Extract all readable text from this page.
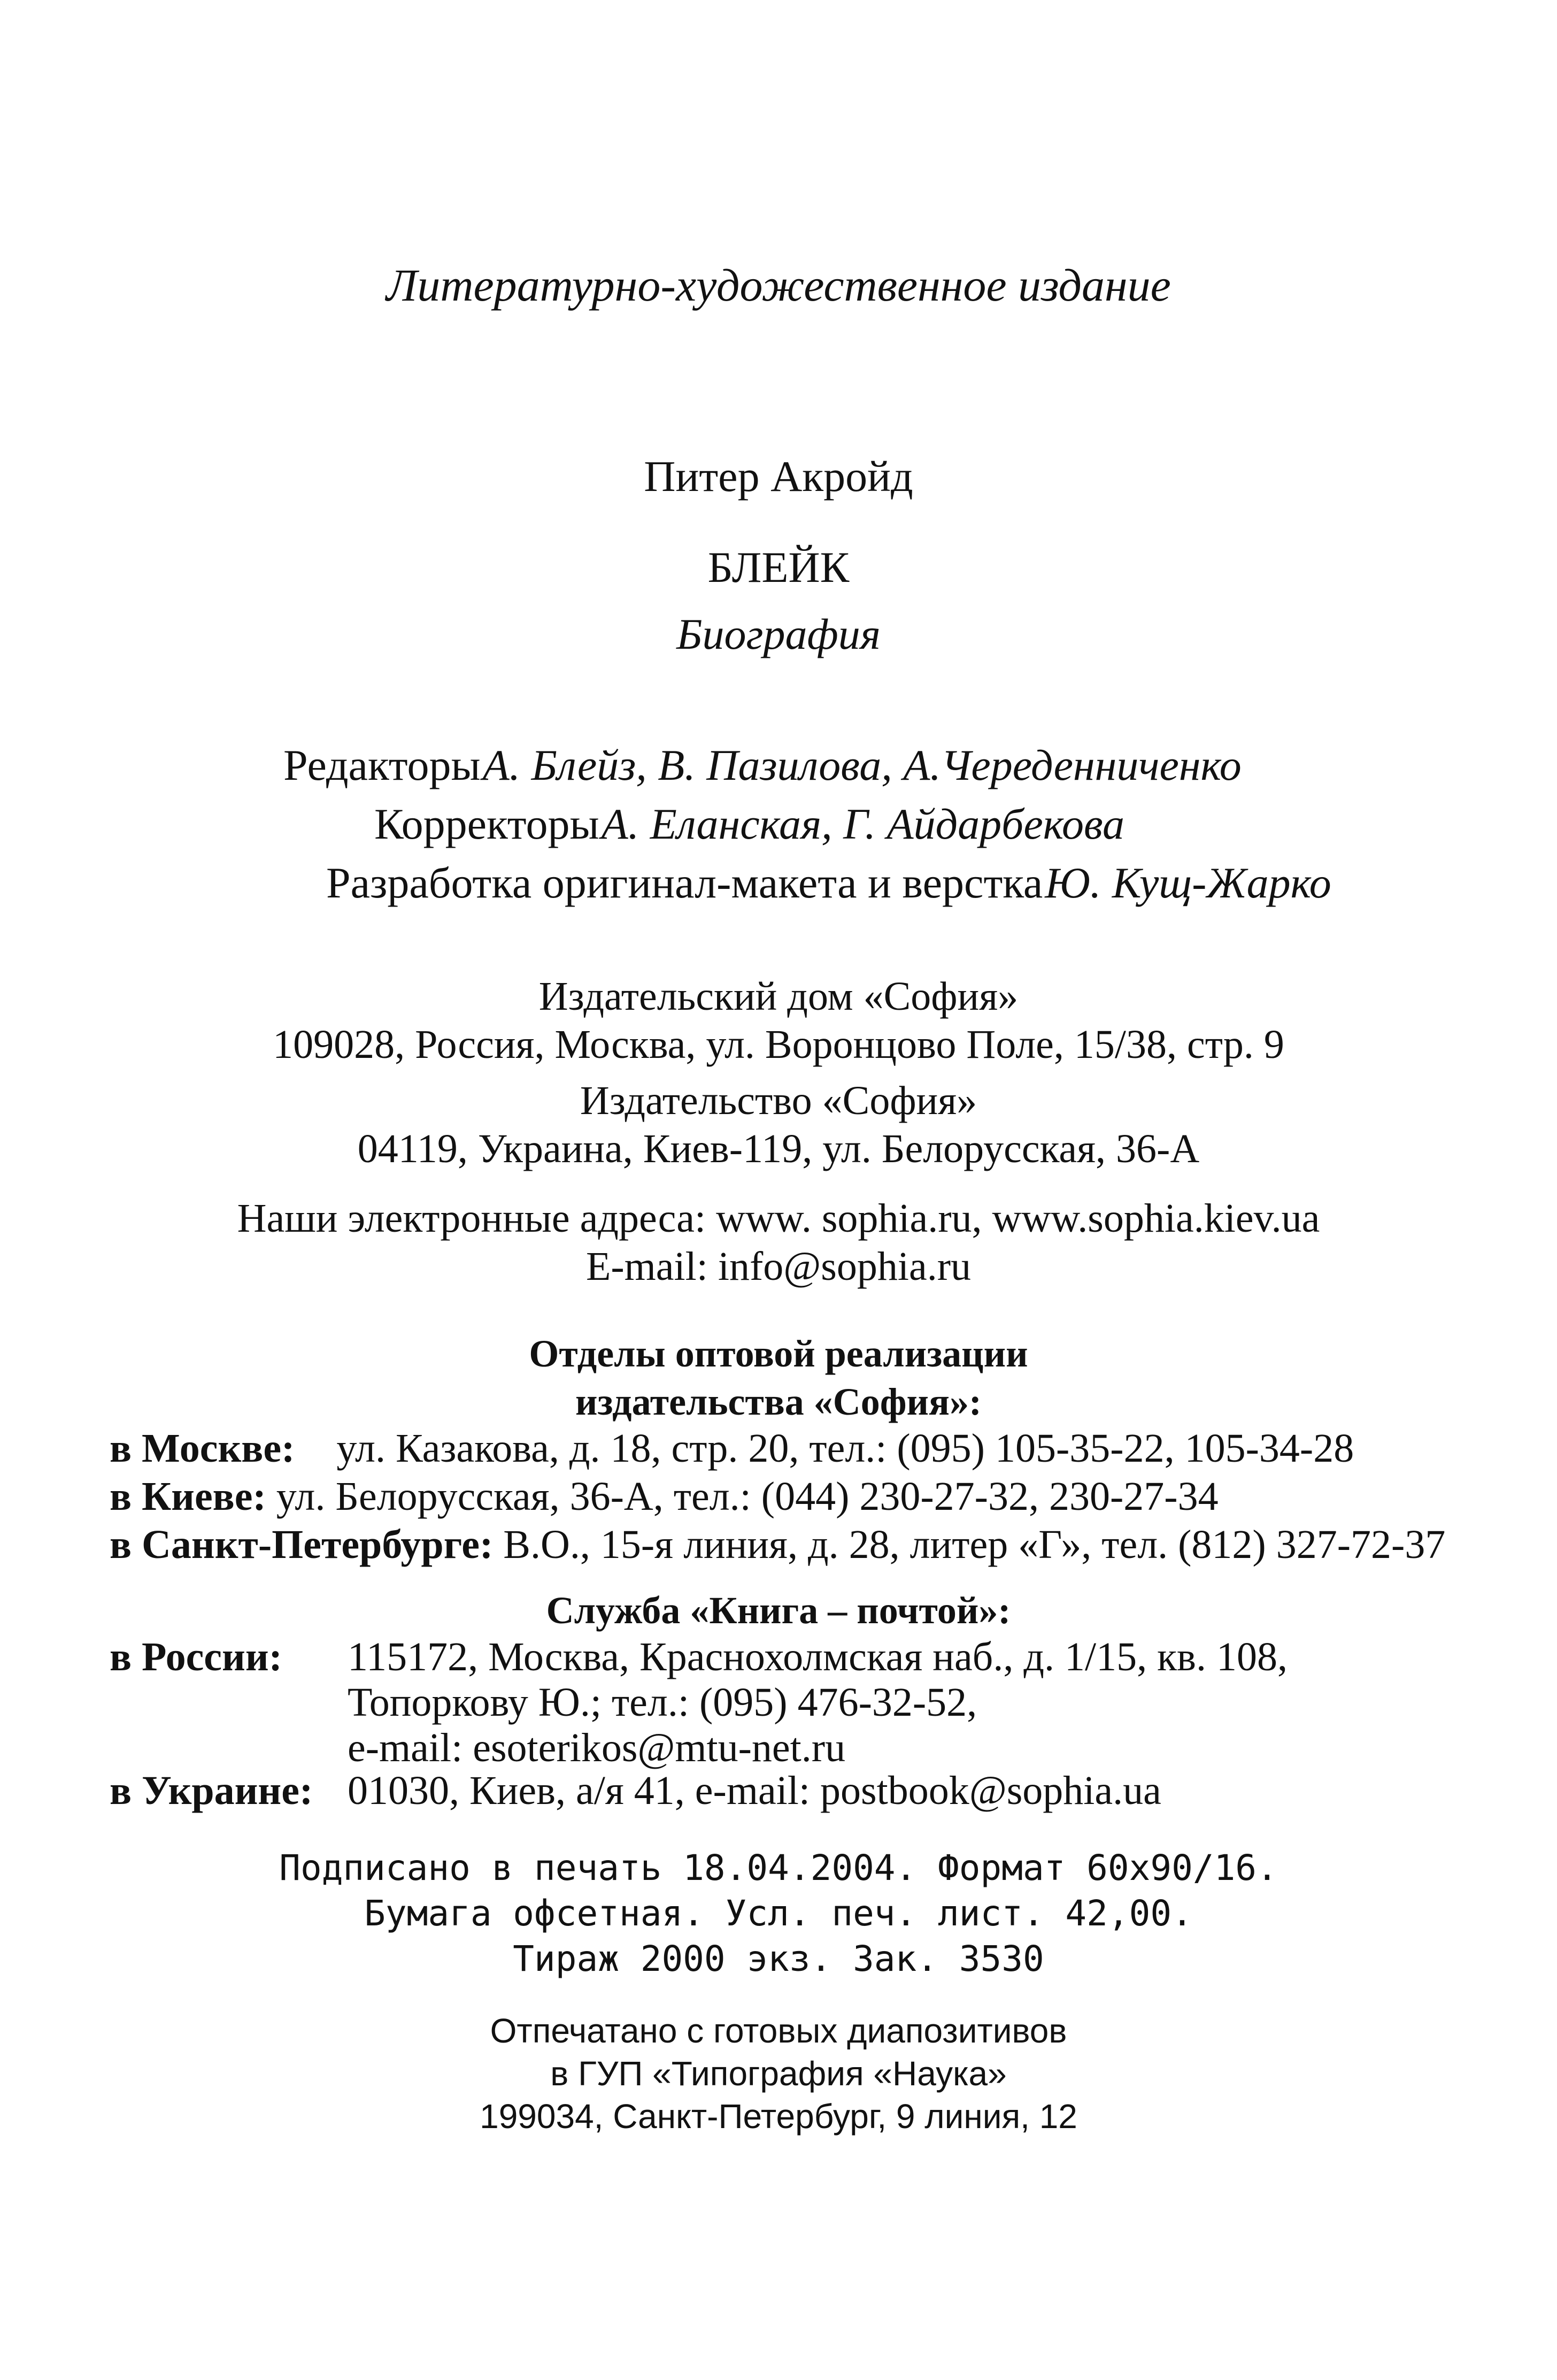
Литературно-художественное издание
Питер Акройд
БЛЕЙК
Биография
Редакторы А. Блейз, В. Пазилова, А.Череденниченко
Корректоры А. Еланская, Г. Айдарбекова
Разработка оригинал-макета и верстка Ю. Кущ-Жарко
Издательский дом «София»
109028, Россия, Москва, ул. Воронцово Поле, 15/38, стр. 9
Издательство «София»
04119, Украина, Киев-119, ул. Белорусская, 36-А
Наши электронные адреса: www. sophia.ru, www.sophia.kiev.ua
E-mail: info@sophia.ru
Отделы оптовой реализации
издательства «София»:
в Москве: ул. Казакова, д. 18, стр. 20, тел.: (095) 105-35-22, 105-34-28
в Киеве: ул. Белорусская, 36-А, тел.: (044) 230-27-32, 230-27-34
в Санкт-Петербурге: В.О., 15-я линия, д. 28, литер «Г», тел. (812) 327-72-37
Служба «Книга – почтой»:
в России: 115172, Москва, Краснохолмская наб., д. 1/15, кв. 108,
Топоркову Ю.; тел.: (095) 476-32-52,
e-mail: esoterikos@mtu-net.ru
в Украине: 01030, Киев, а/я 41, e-mail: postbook@sophia.ua
Подписано в печать 18.04.2004. Формат 60х90/16.
Бумага офсетная. Усл. печ. лист. 42,00.
Тираж 2000 экз. Зак. 3530
Отпечатано с готовых диапозитивов
в ГУП «Типография «Наука»
199034, Санкт-Петербург, 9 линия, 12
